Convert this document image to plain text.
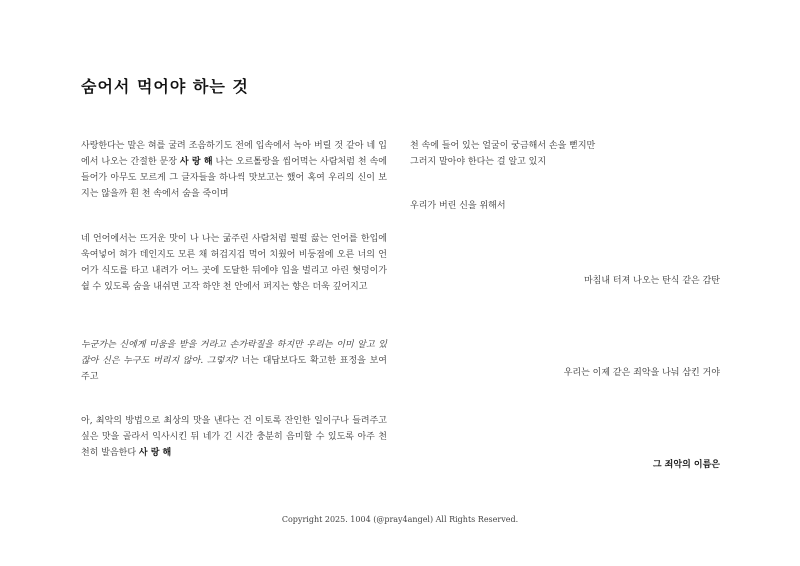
숨어서 먹어야 하는 것

사랑한다는 말은 혀를 굴려 조음하기도 전에 입속에서 녹아 버릴 것 같아 네 입에서 나오는 간절한 문장 사 랑 해 나는 오르톨랑을 씹어먹는 사람처럼 천 속에 들어가 아무도 모르게 그 글자들을 하나씩 맛보고는 했어 혹여 우리의 신이 보지는 않을까 흰 천 속에서 숨을 죽이며

네 언어에서는 뜨거운 맛이 나 나는 굶주린 사람처럼 펄펄 끓는 언어를 한입에 욱여넣어 혀가 데인지도 모른 채 허겁지겁 먹어 치웠어 비둥점에 오른 너의 언어가 식도를 타고 내려가 어느 곳에 도달한 뒤에야 입을 벌리고 아린 혓덩이가 쉴 수 있도록 숨을 내쉬면 고작 하얀 천 안에서 퍼지는 향은 더욱 깊어지고

누군가는 신에게 미움을 받을 거라고 손가락질을 하지만 우리는 이미 알고 있잖아 신은 누구도 버리지 않아. 그렇지? 너는 대답보다도 확고한 표정을 보여 주고

아, 최악의 방법으로 최상의 맛을 낸다는 건 이토록 잔인한 일이구나 들려주고 싶은 맛을 골라서 익사시킨 뒤 네가 긴 시간 충분히 음미할 수 있도록 아주 천천히 발음한다 사 랑 해

천 속에 들어 있는 얼굴이 궁금해서 손을 뻗지만
그러지 말아야 한다는 걸 알고 있지

우리가 버린 신을 위해서

마침내 터져 나오는 탄식 같은 감탄

우리는 이제 같은 죄악을 나눠 삼킨 거야

그 죄악의 이름은

Copyright 2025. 1004 (@pray4angel) All Rights Reserved.
